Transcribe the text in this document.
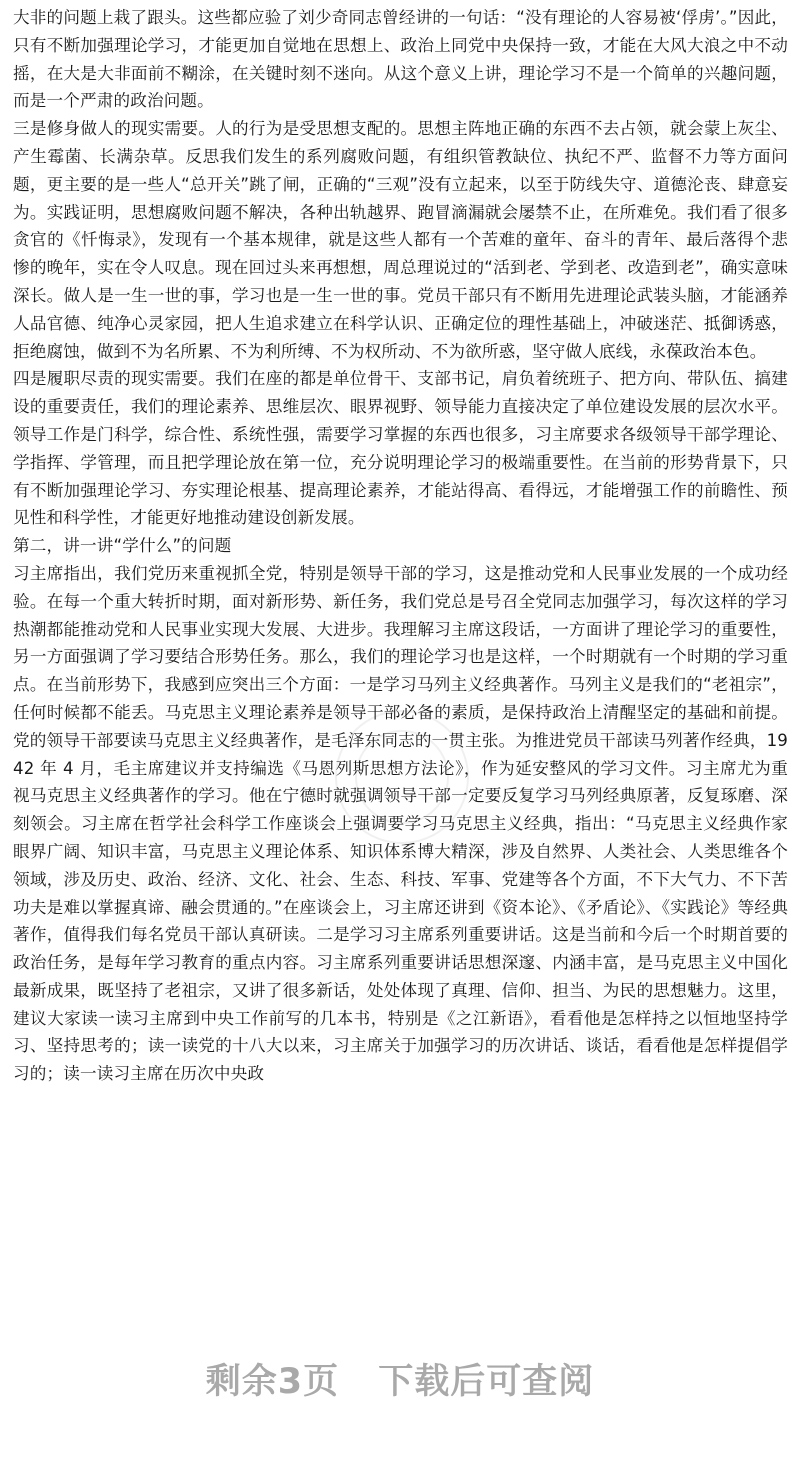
大非的问题上栽了跟头。这些都应验了刘少奇同志曾经讲的一句话：“没有理论的人容易被‘俘虏’。”因此，只有不断加强理论学习，才能更加自觉地在思想上、政治上同党中央保持一致，才能在大风大浪之中不动摇，在大是大非面前不糊涂，在关键时刻不迷向。从这个意义上讲，理论学习不是一个简单的兴趣问题，而是一个严肃的政治问题。

三是修身做人的现实需要。人的行为是受思想支配的。思想主阵地正确的东西不去占领，就会蒙上灰尘、产生霉菌、长满杂草。反思我们发生的系列腐败问题，有组织管教缺位、执纪不严、监督不力等方面问题，更主要的是一些人“总开关”跳了闸，正确的“三观”没有立起来，以至于防线失守、道德沦丧、肆意妄为。实践证明，思想腐败问题不解决，各种出轨越界、跑冒滴漏就会屡禁不止，在所难免。我们看了很多贪官的《忏悔录》，发现有一个基本规律，就是这些人都有一个苦难的童年、奋斗的青年、最后落得个悲惨的晚年，实在令人叹息。现在回过头来再想想，周总理说过的“活到老、学到老、改造到老”，确实意味深长。做人是一生一世的事，学习也是一生一世的事。党员干部只有不断用先进理论武装头脑，才能涵养人品官德、纯净心灵家园，把人生追求建立在科学认识、正确定位的理性基础上，冲破迷茫、抵御诱惑，拒绝腐蚀，做到不为名所累、不为利所缚、不为权所动、不为欲所惑，坚守做人底线，永葆政治本色。

四是履职尽责的现实需要。我们在座的都是单位骨干、支部书记，肩负着统班子、把方向、带队伍、搞建设的重要责任，我们的理论素养、思维层次、眼界视野、领导能力直接决定了单位建设发展的层次水平。领导工作是门科学，综合性、系统性强，需要学习掌握的东西也很多，习主席要求各级领导干部学理论、学指挥、学管理，而且把学理论放在第一位，充分说明理论学习的极端重要性。在当前的形势背景下，只有不断加强理论学习、夯实理论根基、提高理论素养，才能站得高、看得远，才能增强工作的前瞻性、预见性和科学性，才能更好地推动建设创新发展。

第二，讲一讲“学什么”的问题

习主席指出，我们党历来重视抓全党，特别是领导干部的学习，这是推动党和人民事业发展的一个成功经验。在每一个重大转折时期，面对新形势、新任务，我们党总是号召全党同志加强学习，每次这样的学习热潮都能推动党和人民事业实现大发展、大进步。我理解习主席这段话，一方面讲了理论学习的重要性，另一方面强调了学习要结合形势任务。那么，我们的理论学习也是这样，一个时期就有一个时期的学习重点。在当前形势下，我感到应突出三个方面：一是学习马列主义经典著作。马列主义是我们的“老祖宗”，任何时候都不能丢。马克思主义理论素养是领导干部必备的素质，是保持政治上清醒坚定的基础和前提。党的领导干部要读马克思主义经典著作，是毛泽东同志的一贯主张。为推进党员干部读马列著作经典，1942 年 4 月，毛主席建议并支持编选《马恩列斯思想方法论》，作为延安整风的学习文件。习主席尤为重视马克思主义经典著作的学习。他在宁德时就强调领导干部一定要反复学习马列经典原著，反复琢磨、深刻领会。习主席在哲学社会科学工作座谈会上强调要学习马克思主义经典，指出：“马克思主义经典作家眼界广阔、知识丰富，马克思主义理论体系、知识体系博大精深，涉及自然界、人类社会、人类思维各个领域，涉及历史、政治、经济、文化、社会、生态、科技、军事、党建等各个方面，不下大气力、不下苦功夫是难以掌握真谛、融会贯通的。”在座谈会上，习主席还讲到《资本论》、《矛盾论》、《实践论》等经典著作，值得我们每名党员干部认真研读。二是学习习主席系列重要讲话。这是当前和今后一个时期首要的政治任务，是每年学习教育的重点内容。习主席系列重要讲话思想深邃、内涵丰富，是马克思主义中国化最新成果，既坚持了老祖宗，又讲了很多新话，处处体现了真理、信仰、担当、为民的思想魅力。这里，建议大家读一读习主席到中央工作前写的几本书，特别是《之江新语》，看看他是怎样持之以恒地坚持学习、坚持思考的；读一读党的十八大以来，习主席关于加强学习的历次讲话、谈话，看看他是怎样提倡学习的；读一读习主席在历次中央政

剩余3页 下载后可查阅
